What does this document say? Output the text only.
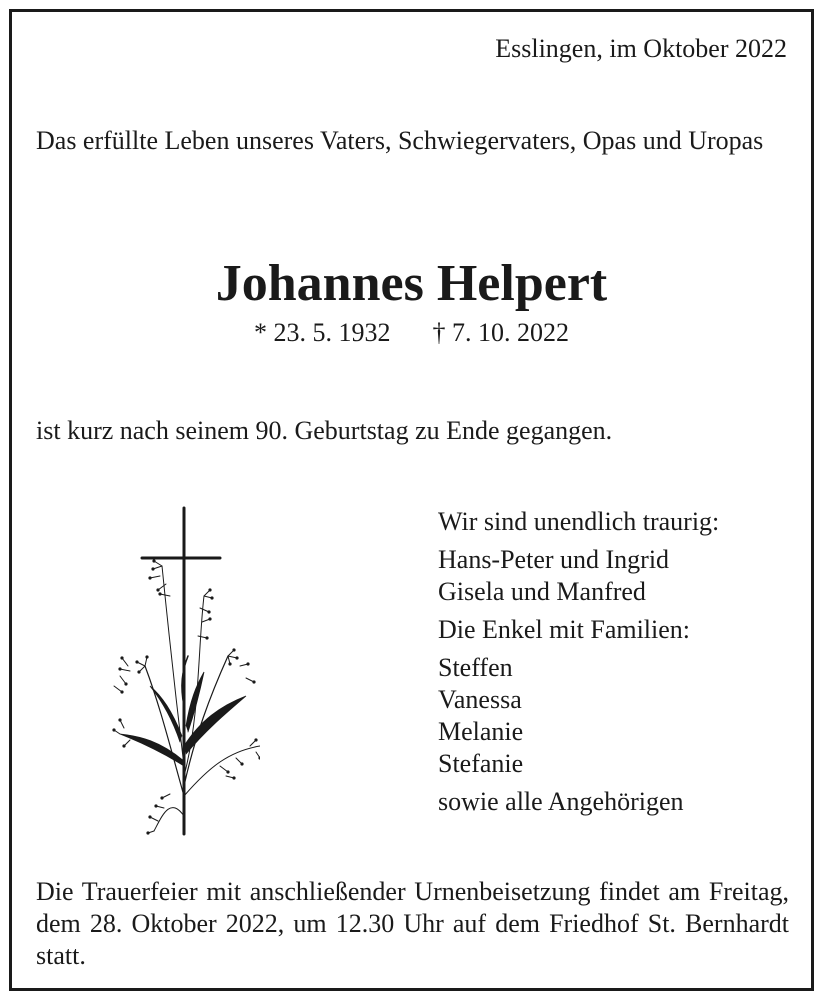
Esslingen, im Oktober 2022

Das erfüllte Leben unseres Vaters, Schwiegervaters, Opas und Uropas

Johannes Helpert

* 23. 5. 1932 † 7. 10. 2022

ist kurz nach seinem 90. Geburtstag zu Ende gegangen.

Wir sind unendlich traurig:

Hans-Peter und Ingrid

Gisela und Manfred

Die Enkel mit Familien:

Steffen

Vanessa

Melanie

Stefanie

sowie alle Angehörigen

Die Trauerfeier mit anschließender Urnenbeisetzung findet am Freitag, dem 28. Oktober 2022, um 12.30 Uhr auf dem Friedhof St. Bernhardt statt.
